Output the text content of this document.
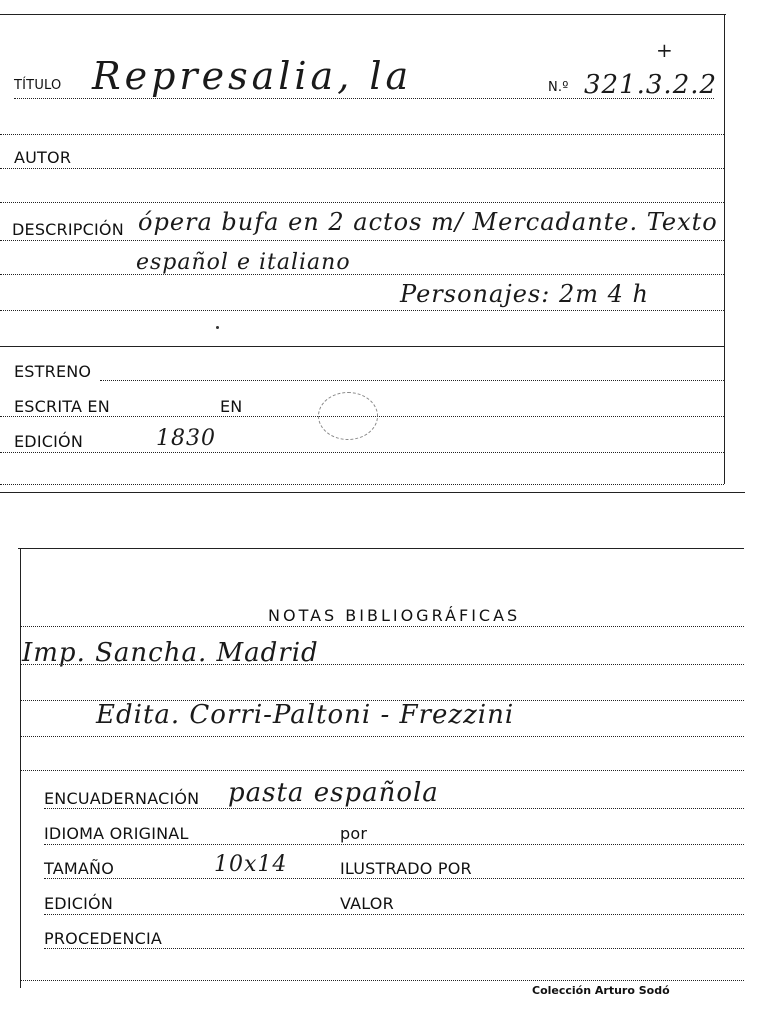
TÍTULO Represalia, la	N.º 321.3.2.2
+
AUTOR
DESCRIPCIÓN ópera bufa en 2 actos m/ Mercadante. Texto
español e italiano
Personajes: 2m 4 h
ESTRENO
ESCRITA EN	EN
EDICIÓN	1830
NOTAS BIBLIOGRÁFICAS
Imp. Sancha. Madrid
Edita. Corri-Paltoni - Frezzini
ENCUADERNACIÓN pasta española
IDIOMA ORIGINAL	por
TAMAÑO	10x14	ILUSTRADO POR
EDICIÓN	VALOR
PROCEDENCIA
Colección Arturo Sodó
